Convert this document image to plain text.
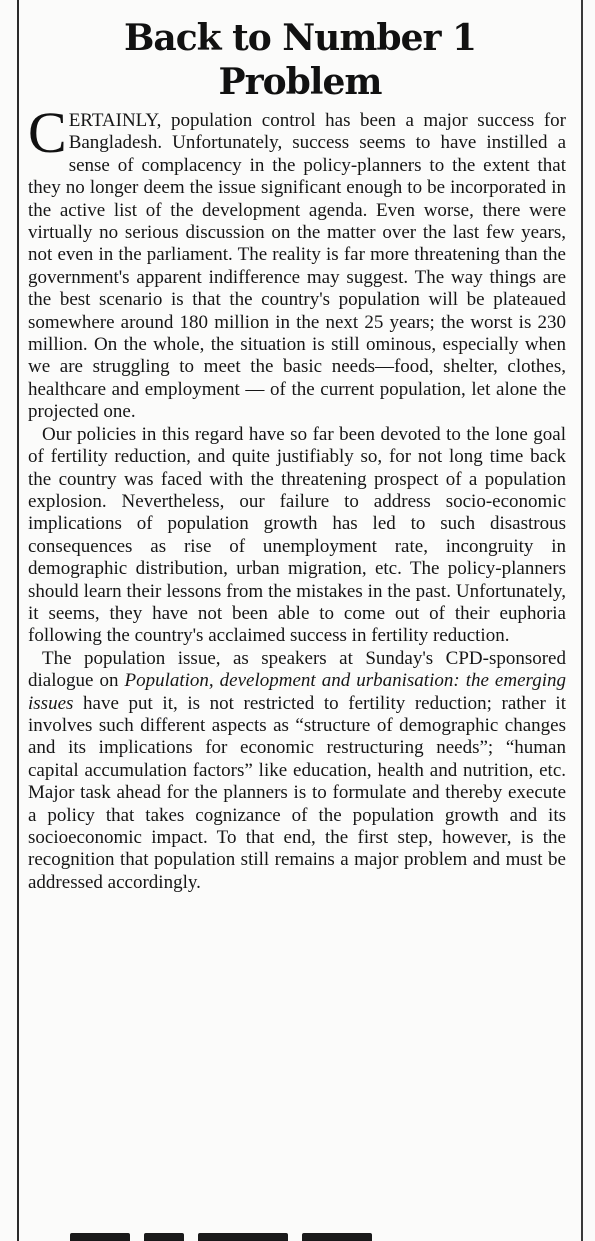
Back to Number 1
Problem

CERTAINLY, population control has been a major success for Bangladesh. Unfortunately, success seems to have instilled a sense of complacency in the policy-planners to the extent that they no longer deem the issue significant enough to be incorporated in the active list of the development agenda. Even worse, there were virtually no serious discussion on the matter over the last few years, not even in the parliament. The reality is far more threatening than the government's apparent indifference may suggest. The way things are the best scenario is that the country's population will be plateaued somewhere around 180 million in the next 25 years; the worst is 230 million. On the whole, the situation is still ominous, especially when we are struggling to meet the basic needs—food, shelter, clothes, healthcare and employment — of the current population, let alone the projected one.

Our policies in this regard have so far been devoted to the lone goal of fertility reduction, and quite justifiably so, for not long time back the country was faced with the threatening prospect of a population explosion. Nevertheless, our failure to address socio-economic implications of population growth has led to such disastrous consequences as rise of unemployment rate, incongruity in demographic distribution, urban migration, etc. The policy-planners should learn their lessons from the mistakes in the past. Unfortunately, it seems, they have not been able to come out of their euphoria following the country's acclaimed success in fertility reduction.

The population issue, as speakers at Sunday's CPD-sponsored dialogue on Population, development and urbanisation: the emerging issues have put it, is not restricted to fertility reduction; rather it involves such different aspects as “structure of demographic changes and its implications for economic restructuring needs”; “human capital accumulation factors” like education, health and nutrition, etc. Major task ahead for the planners is to formulate and thereby execute a policy that takes cognizance of the population growth and its socioeconomic impact. To that end, the first step, however, is the recognition that population still remains a major problem and must be addressed accordingly.
